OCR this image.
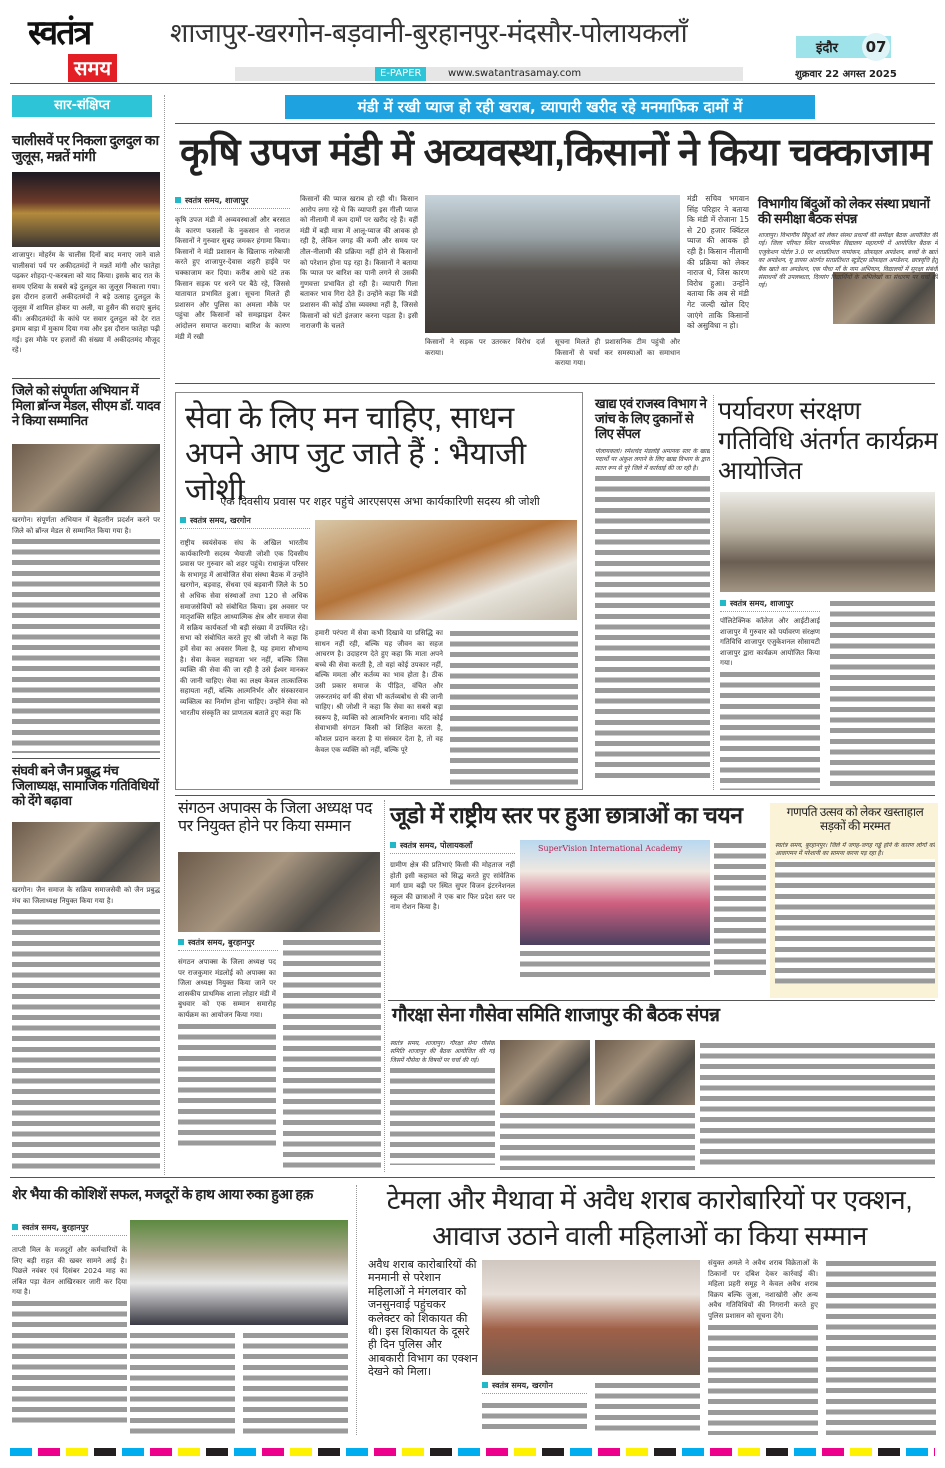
स्वतंत्र
समय
शाजापुर-खरगोन-बड़वानी-बुरहानपुर-मंदसौर-पोलायकलाँ
E-PAPER	www.swatantrasamay.com
इंदौर 07
शुक्रवार 22 अगस्त 2025
सार-संक्षिप्त
चालीसवें पर निकला दुलदुल का जुलूस, मन्नतें मांगी
शाजापुर। मोहर्रम के चालीस दिनों बाद मनाए जाने वाले चालीसवां पर्व पर अकीदतमंदों ने मन्नतें मांगी और फातेहा पढ़कर शोहदा-ए-करबला को याद किया। इसके बाद रात के समय एशिया के सबसे बड़े दुलदुल का जुलूस निकाला गया। इस दौरान हजारों अकीदतमंदों ने बड़े उत्साह दुलदुल के जुलूस में शामिल होकर या अली, या हुसैन की सदाएं बुलंद कीं। अकीदतमंदों के कांधे पर सवार दुलदुल को देर रात इमाम बाड़ा में मुकाम दिया गया और इस दौरान फातेहा पढ़ी गई। इस मौके पर हजारों की संख्या में अकीदतमंद मौजूद रहे।
जिले को संपूर्णता अभियान में मिला ब्रॉन्ज मेडल, सीएम डॉ. यादव ने किया सम्मानित
खरगोन। संपूर्णता अभियान में बेहतरीन प्रदर्शन करने पर जिले को ब्रॉन्ज मेडल से सम्मानित किया गया है।
संघवी बने जैन प्रबुद्ध मंच जिलाध्यक्ष, सामाजिक गतिविधियों को देंगे बढ़ावा
खरगोन। जैन समाज के सक्रिय समाजसेवी को जैन प्रबुद्ध मंच का जिलाध्यक्ष नियुक्त किया गया है।
मंडी में रखी प्याज हो रही खराब, व्यापारी खरीद रहे मनमाफिक दामों में
कृषि उपज मंडी में अव्यवस्था,किसानों ने किया चक्काजाम
स्वतंत्र समय, शाजापुर
कृषि उपज मंडी में अव्यवस्थाओं और बरसात के कारण फसलों के नुकसान से नाराज किसानों ने गुरुवार सुबह जमकर हंगामा किया। किसानों ने मंडी प्रशासन के खिलाफ नारेबाजी करते हुए शाजापुर-देवास शहरी हाईवे पर चक्काजाम कर दिया। करीब आधे घंटे तक किसान सड़क पर धरने पर बैठे रहे, जिससे यातायात प्रभावित हुआ। सूचना मिलते ही प्रशासन और पुलिस का अमला मौके पर पहुंचा और किसानों को समझाइश देकर आंदोलन समाप्त कराया। बारिश के कारण मंडी में रखी
किसानों की प्याज खराब हो रही थी। किसान आरोप लगा रहे थे कि व्यापारी इस गीली प्याज को नीलामी में कम दामों पर खरीद रहे हैं। वहीं मंडी में बड़ी मात्रा में आलू-प्याज की आवक हो रही है, लेकिन जगह की कमी और समय पर तौल-नीलामी की प्रक्रिया नहीं होने से किसानों को परेशान होना पड़ रहा है। किसानों ने बताया कि प्याज पर बारिश का पानी लगने से उसकी गुणवत्ता प्रभावित हो रही है। व्यापारी गिला बताकर भाव गिरा देते हैं। उन्होंने कहा कि मंडी प्रशासन की कोई ठोस व्यवस्था नहीं है, जिससे किसानों को घंटों इंतजार करना पड़ता है। इसी नाराजगी के चलते
किसानों ने सड़क पर उतरकर विरोध दर्ज कराया।
सूचना मिलते ही प्रशासनिक टीम पहुंची और किसानों से चर्चा कर समस्याओं का समाधान कराया गया।
मंडी सचिव भगवान सिंह परिहार ने बताया कि मंडी में रोजाना 15 से 20 हजार क्विंटल प्याज की आवक हो रही है। किसान नीलामी की प्रक्रिया को लेकर नाराज थे, जिस कारण विरोध हुआ। उन्होंने बताया कि अब से मंडी गेट जल्दी खोल दिए जाएंगे ताकि किसानों को असुविधा न हो।
विभागीय बिंदुओं को लेकर संस्था प्रधानों की समीक्षा बैठक संपन्न
शाजापुर। विभागीय बिंदुओं को लेकर संस्था प्रधानों की समीक्षा बैठक आयोजित की गई। जिला परियत स्थित माध्यमिक विद्यालय महाराणी में आयोजित बैठक में एजुकेशन पोर्टल 3.0 पर शतप्रतिशत नामांकन, प्रोफ़ाइल अपडेशन, बच्चों के खाते का अपडेशन, यू डायस अंतर्गत सतप्रतिशत स्टूडेंट्स प्रोफ़ाइल अपडेशन, छात्रवृत्ति हेतु बैंक खाते का अपडेशन, एक पौधा माँ के नाम अभियान, विद्यालयों में सुरक्षा संबंधी संसाधनों की उपलब्धता, दिव्यांग विद्यार्थियों के अभिलेखों का संधारण पर चर्चा की गई।
सेवा के लिए मन चाहिए, साधन अपने आप जुट जाते हैं : भैयाजी जोशी
एक दिवसीय प्रवास पर शहर पहुंचे आरएसएस अभा कार्यकारिणी सदस्य श्री जोशी
स्वतंत्र समय, खरगोन
राष्ट्रीय स्वयंसेवक संघ के अखिल भारतीय कार्यकारिणी सदस्य भैयाजी जोशी एक दिवसीय प्रवास पर गुरुवार को शहर पहुंचे। राधाकुंज परिसर के सभागृह में आयोजित सेवा संस्था बैठक में उन्होंने खरगोन, बड़वाह, सेंधवा एवं बड़वानी जिले के 50 से अधिक सेवा संस्थाओं तथा 120 से अधिक समाजसेवियों को संबोधित किया। इस अवसर पर मातृशक्ति सहित आध्यात्मिक क्षेत्र और समाज सेवा में सक्रिय कार्यकर्ता भी बड़ी संख्या में उपस्थित रहे। सभा को संबोधित करते हुए श्री जोशी ने कहा कि हमें सेवा का अवसर मिला है, यह हमारा सौभाग्य है। सेवा केवल सहायता भर नहीं, बल्कि जिस व्यक्ति की सेवा की जा रही है उसे ईश्वर मानकर की जानी चाहिए। सेवा का लक्ष्य केवल तात्कालिक सहायता नहीं, बल्कि आत्मनिर्भर और संस्कारवान व्यक्तित्व का निर्माण होना चाहिए। उन्होंने सेवा को भारतीय संस्कृति का प्राणतत्व बताते हुए कहा कि
हमारी परंपरा में सेवा कभी दिखावे या प्रसिद्धि का साधन नहीं रही, बल्कि यह जीवन का सहज आचरण है। उदाहरण देते हुए कहा कि माता अपने बच्चे की सेवा करती है, तो वहां कोई उपकार नहीं, बल्कि ममता और कर्तव्य का भाव होता है। ठीक उसी प्रकार समाज के पीड़ित, वंचित और जरूरतमंद वर्ग की सेवा भी कर्तव्यबोध से की जानी चाहिए। श्री जोशी ने कहा कि सेवा का सबसे बड़ा स्वरूप है, व्यक्ति को आत्मनिर्भर बनाना। यदि कोई सेवाभावी संगठन किसी को शिक्षित करता है, कौशल प्रदान करता है या संस्कार देता है, तो वह केवल एक व्यक्ति को नहीं, बल्कि पूरे
खाद्य एवं राजस्व विभाग ने जांच के लिए दुकानों से लिए सेंपल
पोलायकलां। रमेशचंद मंडलोई अमानक स्तर के खाद्य पदार्थों पर अंकुश लगाने के लिए खाद्य विभाग के द्वारा सतत रूप से पूरे जिले में कार्रवाई की जा रही है।
पर्यावरण संरक्षण गतिविधि अंतर्गत कार्यक्रम आयोजित
स्वतंत्र समय, शाजापुर
पॉलिटेक्निक कॉलेज और आईटीआई शाजापुर में गुरुवार को पर्यावरण संरक्षण गतिविधि शाजापुर एजुकेशनल सोसायटी शाजापुर द्वारा कार्यक्रम आयोजित किया गया।
संगठन अपाक्स के जिला अध्यक्ष पद पर नियुक्त होने पर किया सम्मान
स्वतंत्र समय, बुरहानपुर
संगठन अपाक्स के जिला अध्यक्ष पद पर राजकुमार मंडलोई को अपाक्स का जिला अध्यक्ष नियुक्त किया जाने पर शासकीय प्राथमिक शाला लोहार मंडी में बुधवार को एक सम्मान समारोह कार्यक्रम का आयोजन किया गया।
जूडो में राष्ट्रीय स्तर पर हुआ छात्राओं का चयन
स्वतंत्र समय, पोलायकलाँ
ग्रामीण क्षेत्र की प्रतिभाएं किसी की मोहताज नहीं होती इसी कहावत को सिद्ध करते हुए सांवेतिक मार्ग ग्राम बढ़ी पर स्थित सुपर विजन इंटरनेशनल स्कूल की छात्राओं ने एक बार फिर प्रदेश स्तर पर नाम रोशन किया है।
SuperVision International Academy
गणपति उत्सव को लेकर खस्ताहाल सड़कों की मरम्मत
स्वतंत्र समय, बुरहानपुर। जिले में जगह-जगह गड्ढे होने के कारण लोगों को आवागमन में परेशानी का सामना करना पड़ रहा है।
गौरक्षा सेना गौसेवा समिति शाजापुर की बैठक संपन्न
स्वतंत्र समय, शाजापुर। गौरक्षा सेना गौसेवा समिति शाजापुर की बैठक आयोजित की गई जिसमें गौसेवा के विषयों पर चर्चा की गई।
शेर भैया की कोशिशें सफल, मजदूरों के हाथ आया रुका हुआ हक़
स्वतंत्र समय, बुरहानपुर
ताप्ती मिल के मजदूरों और कर्मचारियों के लिए बड़ी राहत की खबर सामने आई है। पिछले नवंबर एवं दिसंबर 2024 माह का लंबित पड़ा वेतन आखिरकार जारी कर दिया गया है।
टेमला और मैथावा में अवैध शराब कारोबारियों पर एक्शन, आवाज उठाने वाली महिलाओं का किया सम्मान
अवैध शराब कारोबारियों की मनमानी से परेशान महिलाओं ने मंगलवार को जनसुनवाई पहुंचकर कलेक्टर को शिकायत की थी। इस शिकायत के दूसरे ही दिन पुलिस और आबकारी विभाग का एक्शन देखने को मिला।
स्वतंत्र समय, खरगोन
संयुक्त अमले ने अवैध शराब विक्रेताओं के ठिकानों पर दबिश देकर कार्रवाई की। महिला प्रहरी समूह ने केवल अवैध शराब विक्रय बल्कि जुआ, नशाखोरी और अन्य अवैध गतिविधियों की निगरानी करते हुए पुलिस प्रशासन को सूचना देंगे।
